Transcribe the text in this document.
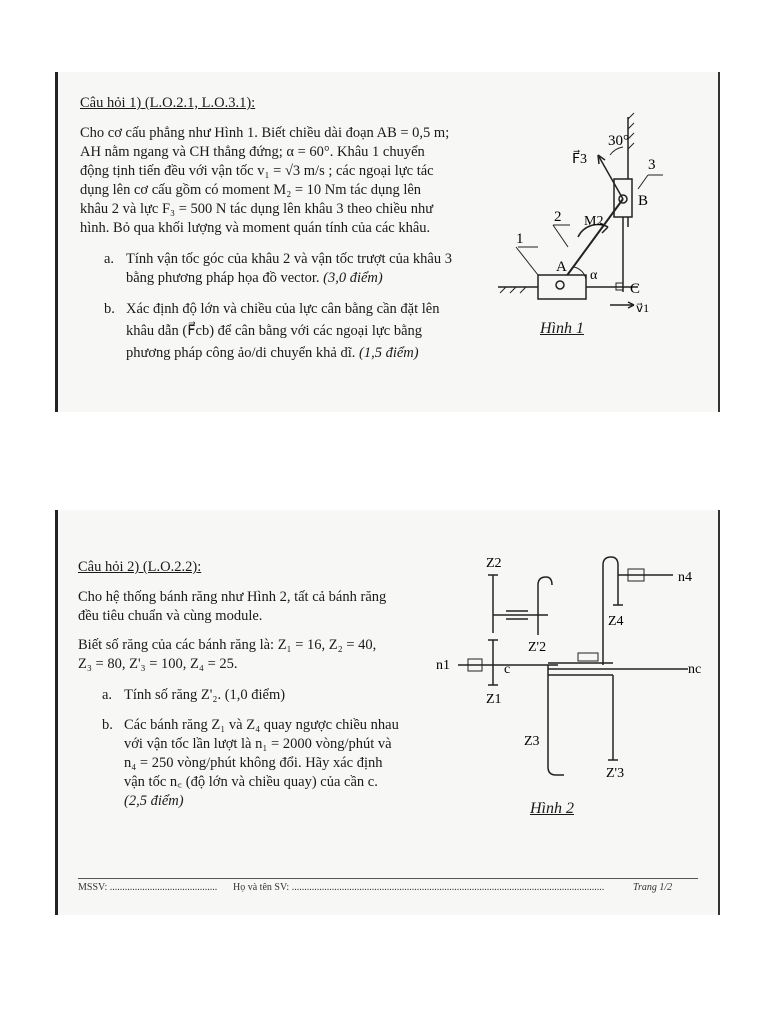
Câu hỏi 1) (L.O.2.1, L.O.3.1):
Cho cơ cấu phẳng như Hình 1. Biết chiều dài đoạn AB = 0,5 m;
AH nằm ngang và CH thẳng đứng; α = 60°. Khâu 1 chuyển
động tịnh tiến đều với vận tốc v₁ = √3 m/s ; các ngoại lực tác
dụng lên cơ cấu gồm có moment M₂ = 10 Nm tác dụng lên
khâu 2 và lực F₃ = 500 N tác dụng lên khâu 3 theo chiều như
hình. Bỏ qua khối lượng và moment quán tính của các khâu.
a. Tính vận tốc góc của khâu 2 và vận tốc trượt của khâu 3
bằng phương pháp họa đồ vector. (3,0 điểm)
b. Xác định độ lớn và chiều của lực cân bằng cần đặt lên
khâu dẫn (F⃗cb) để cân bằng với các ngoại lực bằng
phương pháp công ảo/di chuyển khả dĩ. (1,5 điểm)
30°
F⃗3	3
B
M2
2
1
A
α
C
v⃗1
Hình 1
Câu hỏi 2) (L.O.2.2):
Cho hệ thống bánh răng như Hình 2, tất cả bánh răng
đều tiêu chuẩn và cùng module.
Biết số răng của các bánh răng là: Z₁ = 16, Z₂ = 40,
Z₃ = 80, Z'₃ = 100, Z₄ = 25.
a. Tính số răng Z'₂. (1,0 điểm)
b. Các bánh răng Z₁ và Z₄ quay ngược chiều nhau
với vận tốc lần lượt là n₁ = 2000 vòng/phút và
n₄ = 250 vòng/phút không đổi. Hãy xác định
vận tốc n꜀ (độ lớn và chiều quay) của cần c.
(2,5 điểm)
Z2
Z'2
n1	c
Z1
Z3
Z4
n4
nc
Z'3
Hình 2
MSSV: ........................................... Họ và tên SV: .............................................................................................................................	Trang 1/2
